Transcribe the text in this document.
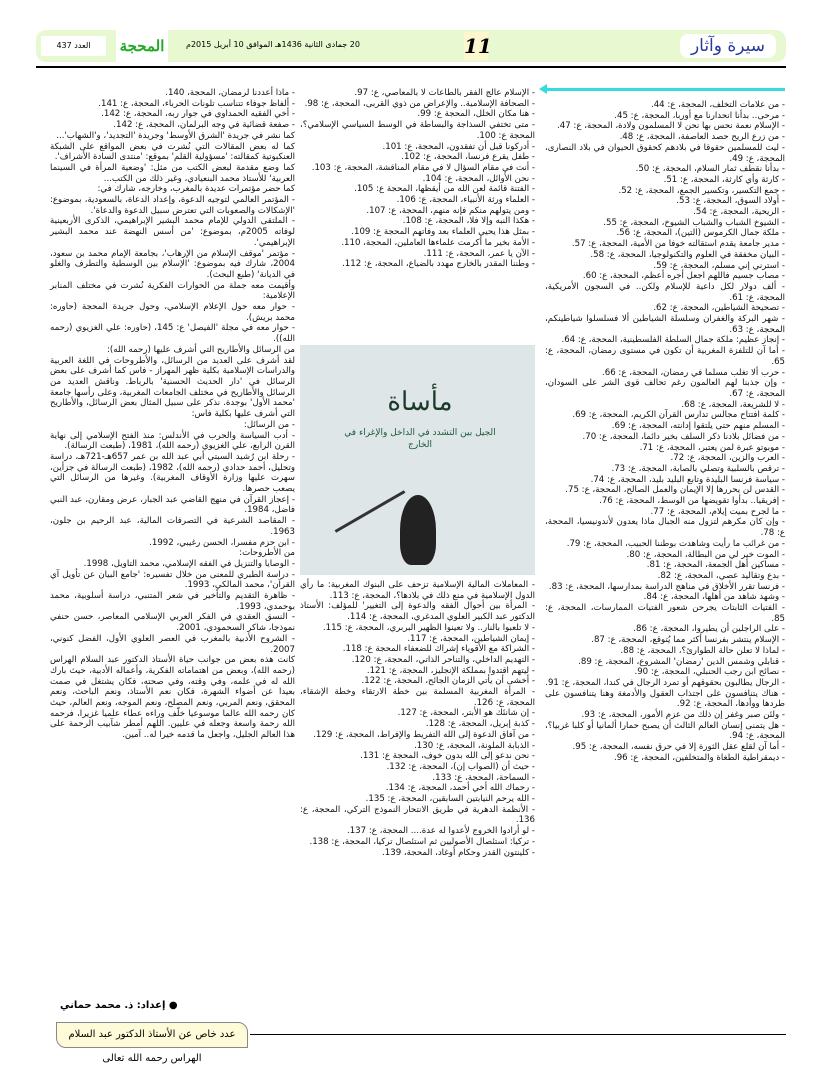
سيرة وآثار
11
20 جمادى الثانية 1436هـ الموافق 10 أبريل 2015م
المحجة
العدد 437

- من علامات التخلف، المحجة، ع: 44.

- مرحى.. بدأنا انحدارنا مع أوربا، المحجة، ع: 45.

- الإسلام نعمة نحس بها نحن لا المسلمون ولادة، المحجة، ع: 47.

- من زرع الريح حصد العاصفة، المحجة، ع: 48.

- ليت للمسلمين حقوقا في بلادهم كحقوق الحيوان في بلاد النصارى، المحجة، ع: 49.

- بدأنا نقطف ثمار السلام، المحجة، ع: 50.

- كارثة وأي كارثة، المحجة، ع: 51.

- جمع التكسير، وتكسير الجمع، المحجة، ع: 52.

- أولاد السوق، المحجة، ع: 53.

- الريحية، المحجة، ع: 54.

- الشيوخ الشباب والشباب الشيوخ، المحجة، ع: 55.

- ملكة جمال الكرموس (التين)، المحجة، ع: 56.

- مدير جامعة يقدم استقالته خوفا من الأمية، المحجة، ع: 57.

- البيان مخفقة في العلوم والتكنولوجيا، المحجة، ع: 58.

- استرني إني مسلم، المحجة، ع: 59.

- مصاب جسيم فاللهم اجعل أجره أعظم، المحجة، ع: 60.

- ألف دولار لكل داعية للإسلام ولكن.. في السجون الأمريكية، المحجة، ع: 61.

- تصحيحة الشياطين، المحجة، ع: 62.

- شهر البركة والغفران وسلسلة الشياطين ألا فسلسلوا شياطينكم، المحجة، ع: 63.

- إنجاز عظيم: ملكة جمال السلطة الفلسطينية، المحجة، ع: 64.

- أما آن للتلفزة المغربية أن تكون في مستوى رمضان، المحجة، ع: 65.

- حرب ألا تغلب مسلما في رمضان، المحجة، ع: 66.

- وإن جذبنا لهم العالمون رغم تحالف قوى الشر على السودان، المحجة، ع: 67.

- لا للشريعة، المحجة، ع: 68.

- كلمة افتتاح مجالس تدارس القرآن الكريم، المحجة، ع: 69.

- المسلم منهم حتى يلتقوا إدانته، المحجة، ع: 69.

- من فضائل بلادنا ذكر السلف بخير دائما، المحجة، ع: 70.

- موبوتو عبرة لمن يعتبر، المحجة، ع: 71.

- العرب والزين، المحجة، ع: 72.

- ترقص بالسلبية وتصلي بالصابة، المحجة، ع: 73.

- سياسة فرنسا البليدة وتابع البليد بليد، المحجة، ع: 74.

- القدس لن يحررها إلا الإيمان والعمل الصالح، المحجة، ع: 75.

- إفريقيا.. بدأوا تقويضها من الوسط، المحجة، ع: 76.

- ما لجرح بميت إيلام، المحجة، ع: 77.

- وإن كان مكرهم لتزول منه الجبال ماذا يعدون لأندونيسيا، المحجة، ع: 78.

- من غرائب ما رأيت وشاهدت بوطننا الحبيب، المحجة، ع: 79.

- الموت خير لي من البطالة، المحجة، ع: 80.

- مساكين أهل الجمعة، المحجة، ع: 81.

- بدع وتقاليد عصي، المحجة، ع: 82.

- فرنسا تقرر الأخلاق في مناهج الدراسة بمدارسها، المحجة، ع: 83.

- وشهد شاهد من أهلها، المحجة، ع: 84.

- الفتيات الثابتات يجرحن شعور الفتيات الممارسات، المحجة، ع: 85.

- على الراجلين أن يطيروا، المحجة، ع: 86.

- الإسلام ينتشر بفرنسا أكثر مما يُتوقع، المحجة، ع: 87.

- لماذا لا تعلن حالة الطوارئ؟، المحجة، ع: 88.

- قنابلي وشمس الدين 'رمضان' المشروع، المحجة، ع: 89.

- نصائح ابن رجب الحنبلي، المحجة، ع: 90.

- الرجال يطالبون بحقوقهم أو تمرد الرجال في كندا، المحجة، ع: 91.

- هناك يتنافسون على اجتذاب العقول والأدمغة وهنا يتنافسون على طردها ووأدها، المحجة، ع: 92.

- ولئن صبر وغفر إن ذلك من عزم الأمور، المحجة، ع: 93.

- هل يتمنى إنسان العالم الثالث أن يصبح حمارا ألمانيا أو كلبا غربيا؟، المحجة، ع: 94.

- أما آن لقلع عقل الثورة إلا في حرق نفسه، المحجة، ع: 95.

- ديمقراطية الطغاة والمتخلفين، المحجة، ع: 96.

- الإسلام عالج الفقر بالطاعات لا بالمعاصي، ع: 97.

- الصحافة الإسلامية.. والإعراض من ذوي القربى، المحجة، ع: 98.

- هنا مكان الخلل، المحجة ع: 99.

- متى تختفي السذاجة والبساطة في الوسط السياسي الإسلامي؟، المحجة ع: 100.

- أدركونا قبل أن تفقدون، المحجة، ع: 101.

- طفل يقرع فرنسا، المحجة، ع: 102.

- أنت في مقام السؤال لا في مقام المناقشة، المحجة، ع: 103.

- نحن الأوائل، المحجة، ع: 104.

- الفتنة قائمة لعن الله من أيقظها، المحجة ع: 105.

- العلماء ورثة الأنبياء، المحجة، ع: 106.

- ومن يتولهم منكم فإنه منهم، المحجة، ع: 107.

- هكذا النبه وإلا فلا، المحجة، ع: 108.

- بمثل هذا يحيي العلماء بعد وفاتهم المحجة ع: 109.

- الأمة بخير ما أكرمت علماءها العاملين، المحجة، 110.

- الآن يا عمر، المحجة، ع: 111.

- وطننا المقدر بالخارج مهدد بالضياع، المحجة، ع: 112.

مأساة
الجيل بين التشدد في الداخل والإغراء في الخارج

- المعاملات المالية الإسلامية تزحف على البنوك المغربية: ما رأي الدول الإسلامية في منع ذلك في بلادها؟، المحجة، ع: 113.

- المرأة بين أحوال الفقه والدعوة إلى التغيير' للمؤلف: الأستاذ الدكتور عبد الكبير العلوي المدغري، المحجة، ع: 114.

- لا تلعبوا بالنار.. ولا تعينوا الظهير البربري، المحجة، ع: 115.

- إيمان الشياطين، المحجة، ع: 117.

- الشراكة مع الأقوياء إشراك للضعفاء المحجة ع: 118.

- التهديم الداخلي، والتناحر الذاتي، المحجة، ع: 120.

- ليتهم اقتدوا بمملكة الإنجليز، المحجة، ع: 121.

- أخشى أن يأتي الزمان الجائح، المحجة، ع: 122.

- المرأة المغربية المسلمة بين خطة الارتقاء وخطة الإشقاء، المحجة، ع: 126.

- إن شانئك هو الأبتر، المحجة، ع: 127.

- كذبة إبريل، المحجة، ع: 128.

- من آفاق الدعوة إلى الله التفريط والإفراط، المحجة، ع: 129.

- الذبابة الملونة، المحجة، ع: 130.

- نحن ندعو إلى الله بدون خوف، المحجة ع: 131.

- حيث أن (الصواب إن)، المحجة، ع: 132.

- السماحة، المحجة، ع: 133.

- رحماك الله أخي أحمد، المحجة، ع: 134.

- الله يرحم النيابتين السابقين، المحجة، ع: 135.

- الأنظمة الدهرية في طريق الانتحار النموذج التركي، المحجة، ع: 136.

- لو أرادوا الخروج لأعدوا له عدة.... المحجة، ع: 137.

- تركيا: استئصال الأصوليين ثم استئصال تركيا، المحجة، ع: 138.

- كلينتون القدر وحكام أوغاد، المحجة، 139.

- ماذا أعددنا لرمضان، المحجة، 140.

- ألفاظ جوفاء تتناسب تلونات الحرباء، المحجة، ع: 141.

- أخي الفقيه الحمداوي في جوار ربه، المحجة، ع: 142.

- صفعة قضائية في وجه البرلمان، المحجة، ع: 142.

كما نشر في جريدة 'الشرق الأوسط' وجريدة 'التجديد'، و'الشهاب'...

كما له بعض المقالات التي نُشرت في بعض المواقع على الشبكة العنكبوتية كمقالته: 'مسؤولية القلم' بموقع: 'منتدى السادة الأشراف'.

كما وضع مقدمة لبعض الكتب من مثل: 'وضعية المرأة في السينما العربية' للأستاذ محمد البنعيادي، وغير ذلك من الكتب...

كما حضر مؤتمرات عديدة بالمغرب، وخارجه، شارك في:

- المؤتمر العالمي لتوجيه الدعوة، وإعداد الدعاة، بالسعودية، بموضوع: 'الإشكالات والصعوبات التي تعترض سبيل الدعوة والدعاة'.

- الملتقى الدولي للإمام محمد البشير الإبراهيمي، الذكرى الأربعينية لوفاته 2005م، بموضوع: 'من أسس النهضة عند محمد البشير الإبراهيمي'.

- مؤتمر 'موقف الإسلام من الإرهاب'، بجامعة الإمام محمد بن سعود، 2004، شارك فيه بموضوع: 'الإسلام بين الوسطية والتطرف والغلو في الديانة' (طبع البحث).

وأقيمت معه جملة من الحوارات الفكرية نُشرت في مختلف المنابر الإعلامية:

- حوار معه حول الإعلام الإسلامي، وحول جريدة المحجة (حاوره: محمد بريش).

- حوار معه في مجلة 'الفيصل' ع: 145، (حاوره: علي الغزيوي (رحمه الله)).

من الرسائل والأطاريح التي أشرف عليها (رحمه الله):

لقد أشرف على العديد من الرسائل، والأطروحات في اللغة العربية والدراسات الإسلامية بكلية ظهر المهراز - فاس كما أشرف على بعض الرسائل في 'دار الحديث الحسنية' بالرباط. وناقش العديد من الرسائل والأطاريح في مختلف الجامعات المغربية، وعلى رأسها جامعة 'محمد الأول' بوجدة. نذكر على سبيل المثال بعض الرسائل، والأطاريح التي أشرف عليها بكلية فاس:

- من الرسائل:

- أدب السياسة والحرب في الأندلس: منذ الفتح الإسلامي إلى نهاية القرن الرابع، علي الغزيوي (رحمه الله)، 1981، (طبعت الرسالة).

- رحلة ابن رُشيد السبتي أبي عبد الله بن عمر 657هـ-721هـ، دراسة وتحليل، أحمد حدادي (رحمه الله)، 1982، (طبعت الرسالة في جزأين، سهرت عليها وزارة الأوقاف المغربية). وغيرها من الرسائل التي يصعب حصرها.

- إعجاز القرآن في منهج القاضي عبد الجبار، عرض ومقارن، عبد النبي فاضل، 1984.

- المقاصد الشرعية في التصرفات المالية، عبد الرحيم بن جلون، 1963.

- ابن حزم مفسرا، الحسن رغيبي، 1992.

من الأطروحات:

- الوصايا والتنزيل في الفقه الإسلامي، محمد التاويل، 1998.

- دراسة الطبري للمعنى من خلال تفسيره: 'جامع البيان عن تأويل آي القرآن'، محمد المالكي، 1993.

- ظاهرة التقديم والتأخير في شعر المتنبي، دراسة أسلوبية، محمد بوحمدي، 1993.

- النسق العقدي في الفكر العربي الإسلامي المعاصر، حسن حنفي نموذجا، شاكر السحمودي، 2001.

- الشروح الأدبية بالمغرب في العصر العلوي الأول، الفضل كنوني، 2007.

كانت هذه بعض من جوانب حياة الأستاذ الدكتور عبد السلام الهراس (رحمه الله)، وبعض من اهتماماته الفكرية، وأعماله الأدبية، حيث بارك الله له في علمه، وفي وقته، وفي صحته، فكان يشتغل في صمت بعيدا عن أضواء الشهرة، فكان نعم الأستاذ، ونعم الباحث، ونعم المحقق، ونعم المربي، ونعم المصلح، ونعم الموجه، ونعم العالم، حيث كان رحمه الله عالما موسوعيا خلّف وراءه عطاء علميا غزيرا، فرحمه الله رحمة واسعة وجعله في عليين. اللهم أمطر شآبيب الرحمة على هذا العالم الجليل، واجعل ما قدمه خيرا له.. آمين.

● إعداد: ذ. محمد حماني
عدد خاص عن الأستاذ الدكتور عبد السلام الهراس رحمه الله تعالى
